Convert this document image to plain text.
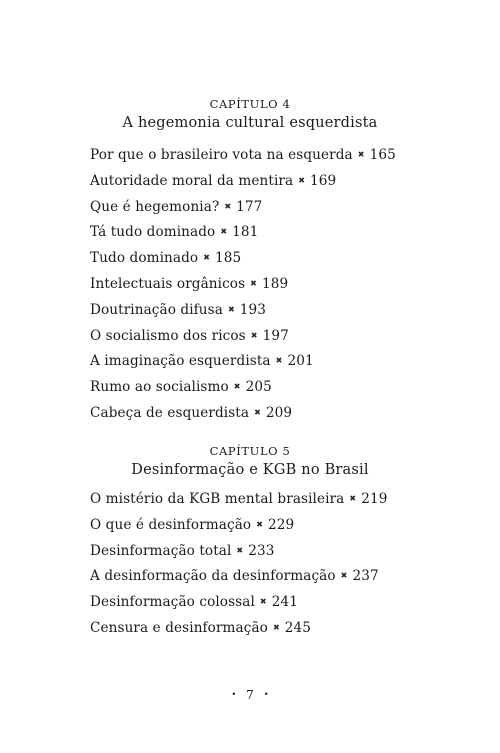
CAPÍTULO 4
A hegemonia cultural esquerdista
Por que o brasileiro vota na esquerda ✖ 165
Autoridade moral da mentira ✖ 169
Que é hegemonia? ✖ 177
Tá tudo dominado ✖ 181
Tudo dominado ✖ 185
Intelectuais orgânicos ✖ 189
Doutrinação difusa ✖ 193
O socialismo dos ricos ✖ 197
A imaginação esquerdista ✖ 201
Rumo ao socialismo ✖ 205
Cabeça de esquerdista ✖ 209
CAPÍTULO 5
Desinformação e KGB no Brasil
O mistério da KGB mental brasileira ✖ 219
O que é desinformação ✖ 229
Desinformação total ✖ 233
A desinformação da desinformação ✖ 237
Desinformação colossal ✖ 241
Censura e desinformação ✖ 245
• 7 •
